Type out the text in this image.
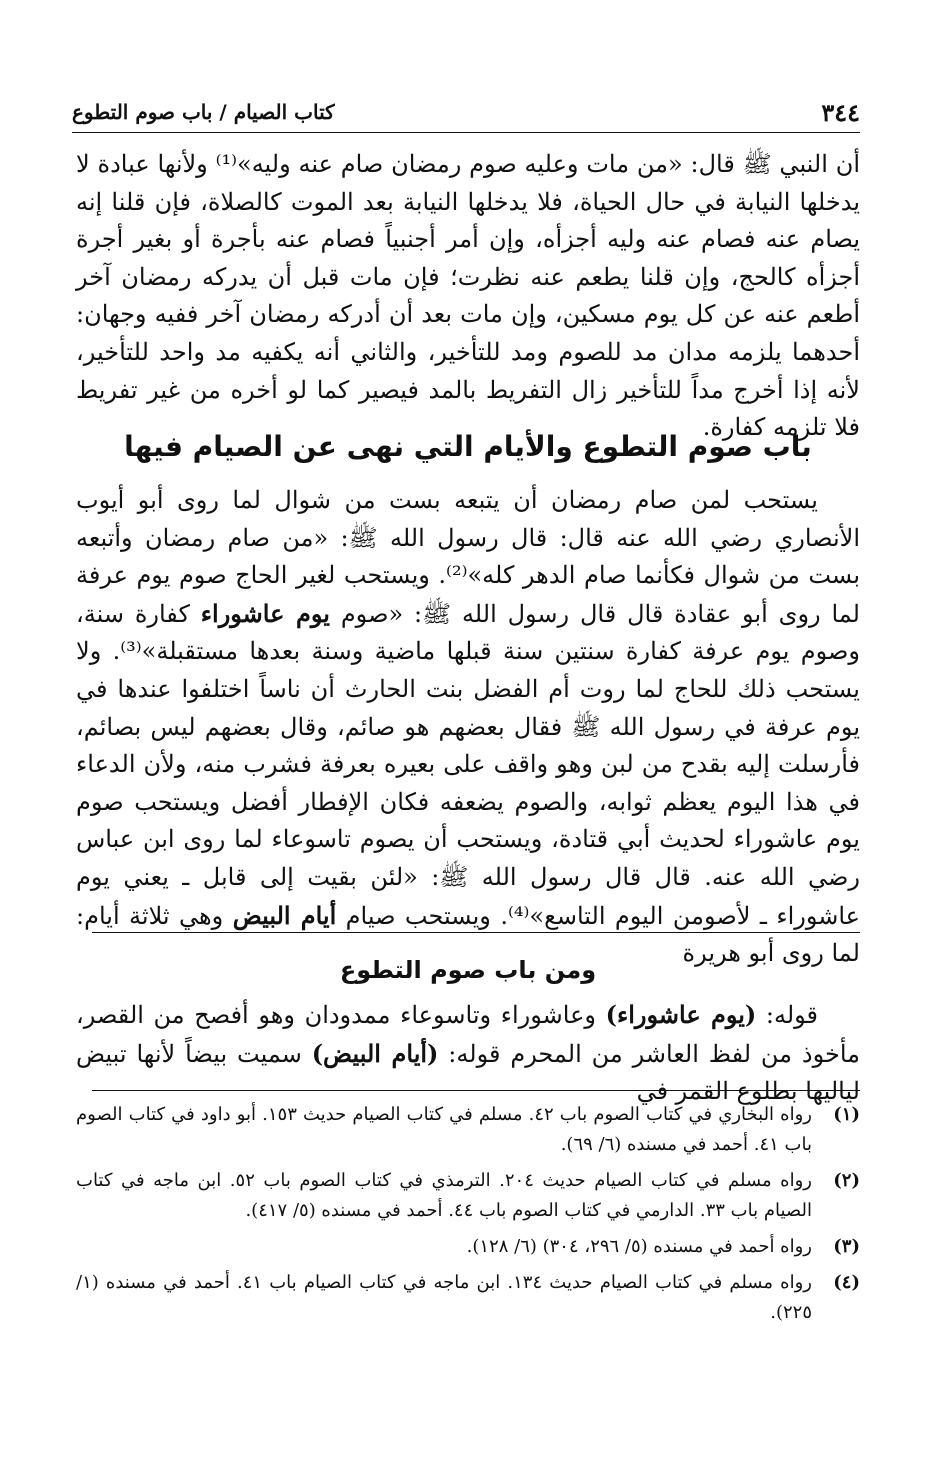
٣٤٤
كتاب الصيام / باب صوم التطوع

أن النبي ﷺ قال: «من مات وعليه صوم رمضان صام عنه وليه»⁽¹⁾ ولأنها عبادة لا يدخلها النيابة في حال الحياة، فلا يدخلها النيابة بعد الموت كالصلاة، فإن قلنا إنه يصام عنه فصام عنه وليه أجزأه، وإن أمر أجنبياً فصام عنه بأجرة أو بغير أجرة أجزأه كالحج، وإن قلنا يطعم عنه نظرت؛ فإن مات قبل أن يدركه رمضان آخر أطعم عنه عن كل يوم مسكين، وإن مات بعد أن أدركه رمضان آخر ففيه وجهان: أحدهما يلزمه مدان مد للصوم ومد للتأخير، والثاني أنه يكفيه مد واحد للتأخير، لأنه إذا أخرج مداً للتأخير زال التفريط بالمد فيصير كما لو أخره من غير تفريط فلا تلزمه كفارة.

باب صوم التطوع والأيام التي نهى عن الصيام فيها

يستحب لمن صام رمضان أن يتبعه بست من شوال لما روى أبو أيوب الأنصاري رضي الله عنه قال: قال رسول الله ﷺ: «من صام رمضان وأتبعه بست من شوال فكأنما صام الدهر كله»⁽²⁾. ويستحب لغير الحاج صوم يوم عرفة لما روى أبو عقادة قال قال رسول الله ﷺ: «صوم يوم عاشوراء كفارة سنة، وصوم يوم عرفة كفارة سنتين سنة قبلها ماضية وسنة بعدها مستقبلة»⁽³⁾. ولا يستحب ذلك للحاج لما روت أم الفضل بنت الحارث أن ناساً اختلفوا عندها في يوم عرفة في رسول الله ﷺ فقال بعضهم هو صائم، وقال بعضهم ليس بصائم، فأرسلت إليه بقدح من لبن وهو واقف على بعيره بعرفة فشرب منه، ولأن الدعاء في هذا اليوم يعظم ثوابه، والصوم يضعفه فكان الإفطار أفضل ويستحب صوم يوم عاشوراء لحديث أبي قتادة، ويستحب أن يصوم تاسوعاء لما روى ابن عباس رضي الله عنه. قال قال رسول الله ﷺ: «لئن بقيت إلى قابل ـ يعني يوم عاشوراء ـ لأصومن اليوم التاسع»⁽⁴⁾. ويستحب صيام أيام البيض وهي ثلاثة أيام: لما روى أبو هريرة

ومن باب صوم التطوع

قوله: (يوم عاشوراء) وعاشوراء وتاسوعاء ممدودان وهو أفصح من القصر، مأخوذ من لفظ العاشر من المحرم قوله: (أيام البيض) سميت بيضاً لأنها تبيض لياليها بطلوع القمر في

(١)
رواه البخاري في كتاب الصوم باب ٤٢. مسلم في كتاب الصيام حديث ١٥٣. أبو داود في كتاب الصوم باب ٤١. أحمد في مسنده (٦/ ٦٩).

(٢)
رواه مسلم في كتاب الصيام حديث ٢٠٤. الترمذي في كتاب الصوم باب ٥٢. ابن ماجه في كتاب الصيام باب ٣٣. الدارمي في كتاب الصوم باب ٤٤. أحمد في مسنده (٥/ ٤١٧).

(٣)
رواه أحمد في مسنده (٥/ ٢٩٦، ٣٠٤) (٦/ ١٢٨).

(٤)
رواه مسلم في كتاب الصيام حديث ١٣٤. ابن ماجه في كتاب الصيام باب ٤١. أحمد في مسنده (١/ ٢٢٥).
